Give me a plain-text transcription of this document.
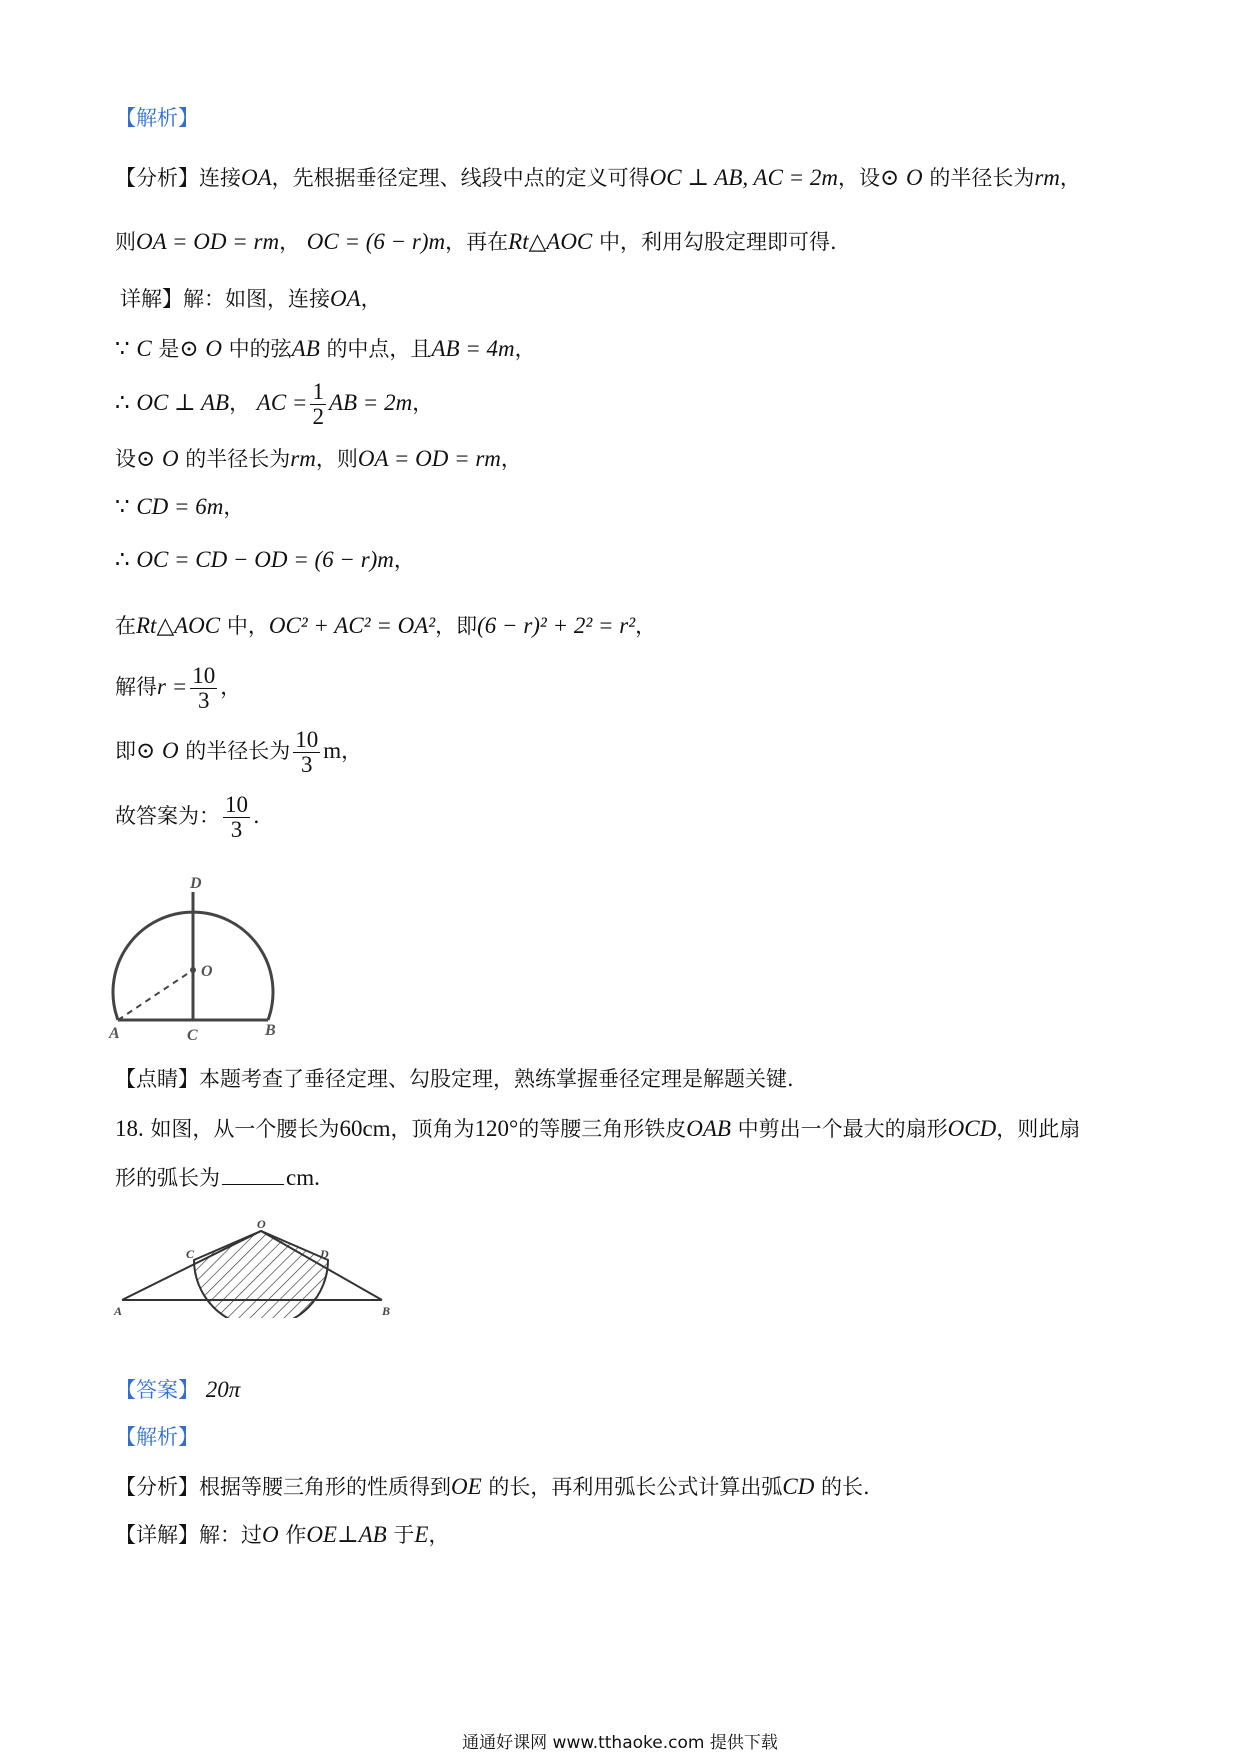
【解析】
【分析】连接OA，先根据垂径定理、线段中点的定义可得OC ⊥ AB, AC = 2m，设⊙ O 的半径长为rm，
则OA = OD = rm， OC = (6 − r)m，再在Rt△AOC 中，利用勾股定理即可得.
详解】解：如图，连接OA，
∵ C 是⊙ O 中的弦AB 的中点，且AB = 4m，
∴ OC ⊥ AB， AC = $\frac{1}{2}$ AB = 2m，
设⊙ O 的半径长为rm，则OA = OD = rm，
∵ CD = 6m，
∴ OC = CD − OD = (6 − r)m，
在Rt△AOC 中，OC² + AC² = OA²，即(6 − r)² + 2² = r²，
解得$r = \frac{10}{3}$ ，
即⊙ O 的半径长为 $\frac{10}{3}$ m，
故答案为： $\frac{10}{3}$ .
D
O
A	C	B
【点睛】本题考查了垂径定理、勾股定理，熟练掌握垂径定理是解题关键.
18. 如图，从一个腰长为60cm，顶角为120°的等腰三角形铁皮OAB 中剪出一个最大的扇形OCD，则此扇
形的弧长为	cm.
O
C	D
A	B
【答案】 20π
【解析】
【分析】根据等腰三角形的性质得到OE 的长，再利用弧长公式计算出弧CD 的长.
【详解】解：过O 作OE⊥AB 于E，
通通好课网 www.tthaoke.com 提供下载
